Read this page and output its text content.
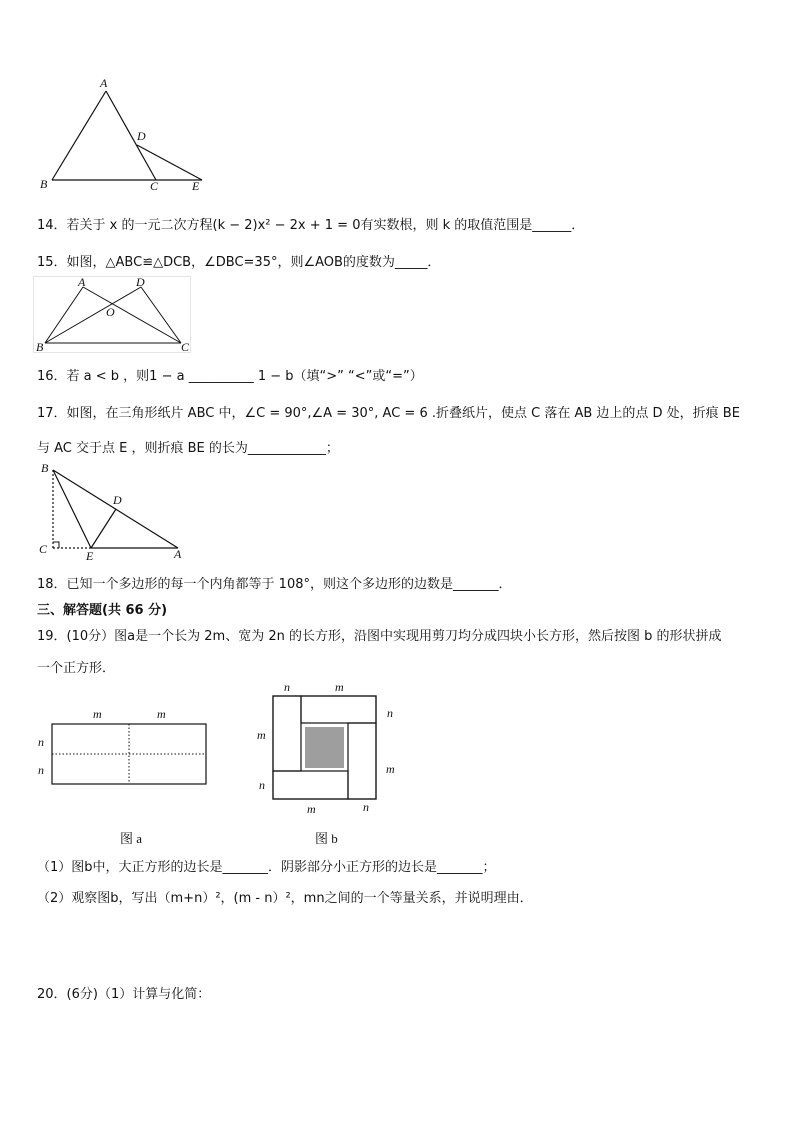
A
B	C
D
E
14．若关于 x 的一元二次方程(k − 2)x² − 2x + 1 = 0有实数根，则 k 的取值范围是______．
15．如图，△ABC≌△DCB，∠DBC=35°，则∠AOB的度数为_____．
A	D
O
B	C
16．若 a < b ，则1 − a __________ 1 − b（填“>” “<”或“=”）
17．如图，在三角形纸片 ABC 中，∠C = 90°,∠A = 30°, AC = 6 .折叠纸片，使点 C 落在 AB 边上的点 D 处，折痕 BE
与 AC 交于点 E ，则折痕 BE 的长为____________；
B
D
C	E	A
18．已知一个多边形的每一个内角都等于 108°，则这个多边形的边数是_______．
三、解答题(共 66 分)
19．(10分）图a是一个长为 2m、宽为 2n 的长方形，沿图中实现用剪刀均分成四块小长方形，然后按图 b 的形状拼成
一个正方形．
m	m
n
n
图 a
n	m
n
m
m
n
m	n
图 b
（1）图b中，大正方形的边长是_______．阴影部分小正方形的边长是_______；
（2）观察图b，写出（m+n）²，(m - n）²，mn之间的一个等量关系，并说明理由．
20．(6分)（1）计算与化简：
